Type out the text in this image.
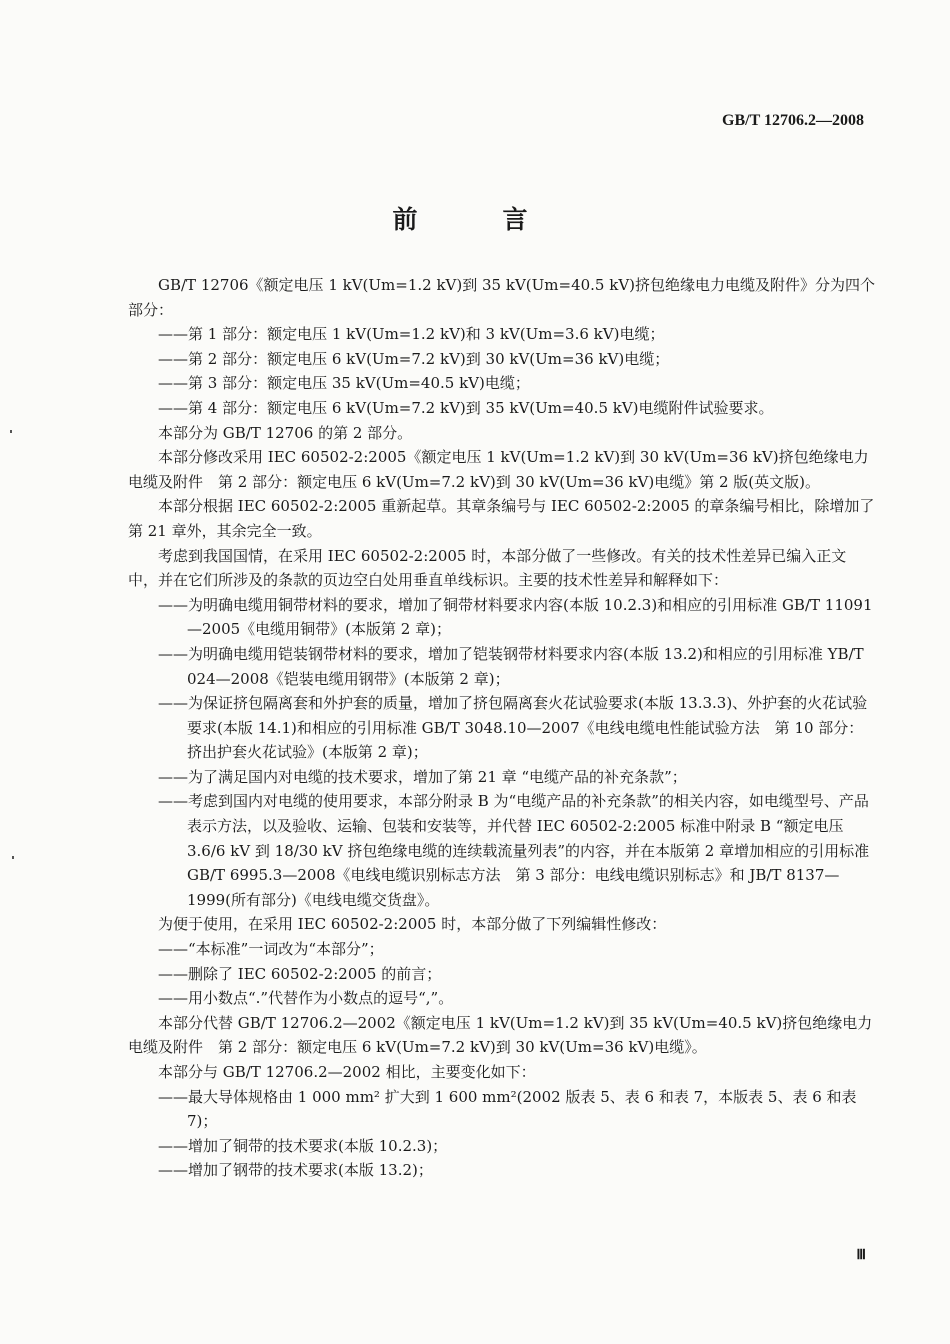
GB/T 12706.2—2008
前　言

GB/T 12706《额定电压 1 kV(Um=1.2 kV)到 35 kV(Um=40.5 kV)挤包绝缘电力电缆及附件》分为四个部分：

——第 1 部分：额定电压 1 kV(Um=1.2 kV)和 3 kV(Um=3.6 kV)电缆；

——第 2 部分：额定电压 6 kV(Um=7.2 kV)到 30 kV(Um=36 kV)电缆；

——第 3 部分：额定电压 35 kV(Um=40.5 kV)电缆；

——第 4 部分：额定电压 6 kV(Um=7.2 kV)到 35 kV(Um=40.5 kV)电缆附件试验要求。

本部分为 GB/T 12706 的第 2 部分。

本部分修改采用 IEC 60502-2:2005《额定电压 1 kV(Um=1.2 kV)到 30 kV(Um=36 kV)挤包绝缘电力电缆及附件　第 2 部分：额定电压 6 kV(Um=7.2 kV)到 30 kV(Um=36 kV)电缆》第 2 版(英文版)。

本部分根据 IEC 60502-2:2005 重新起草。其章条编号与 IEC 60502-2:2005 的章条编号相比，除增加了第 21 章外，其余完全一致。

考虑到我国国情，在采用 IEC 60502-2:2005 时，本部分做了一些修改。有关的技术性差异已编入正文中，并在它们所涉及的条款的页边空白处用垂直单线标识。主要的技术性差异和解释如下：

——为明确电缆用铜带材料的要求，增加了铜带材料要求内容(本版 10.2.3)和相应的引用标准 GB/T 11091—2005《电缆用铜带》(本版第 2 章)；

——为明确电缆用铠装钢带材料的要求，增加了铠装钢带材料要求内容(本版 13.2)和相应的引用标准 YB/T 024—2008《铠装电缆用钢带》(本版第 2 章)；

——为保证挤包隔离套和外护套的质量，增加了挤包隔离套火花试验要求(本版 13.3.3)、外护套的火花试验要求(本版 14.1)和相应的引用标准 GB/T 3048.10—2007《电线电缆电性能试验方法　第 10 部分：挤出护套火花试验》(本版第 2 章)；

——为了满足国内对电缆的技术要求，增加了第 21 章 “电缆产品的补充条款”；

——考虑到国内对电缆的使用要求，本部分附录 B 为“电缆产品的补充条款”的相关内容，如电缆型号、产品表示方法，以及验收、运输、包装和安装等，并代替 IEC 60502-2:2005 标准中附录 B “额定电压 3.6/6 kV 到 18/30 kV 挤包绝缘电缆的连续载流量列表”的内容，并在本版第 2 章增加相应的引用标准 GB/T 6995.3—2008《电线电缆识别标志方法　第 3 部分：电线电缆识别标志》和 JB/T 8137—1999(所有部分)《电线电缆交货盘》。

为便于使用，在采用 IEC 60502-2:2005 时，本部分做了下列编辑性修改：

——“本标准”一词改为“本部分”；

——删除了 IEC 60502-2:2005 的前言；

——用小数点“.”代替作为小数点的逗号“,”。

本部分代替 GB/T 12706.2—2002《额定电压 1 kV(Um=1.2 kV)到 35 kV(Um=40.5 kV)挤包绝缘电力电缆及附件　第 2 部分：额定电压 6 kV(Um=7.2 kV)到 30 kV(Um=36 kV)电缆》。

本部分与 GB/T 12706.2—2002 相比，主要变化如下：

——最大导体规格由 1 000 mm² 扩大到 1 600 mm²(2002 版表 5、表 6 和表 7，本版表 5、表 6 和表 7)；

——增加了铜带的技术要求(本版 10.2.3)；

——增加了钢带的技术要求(本版 13.2)；

Ⅲ
